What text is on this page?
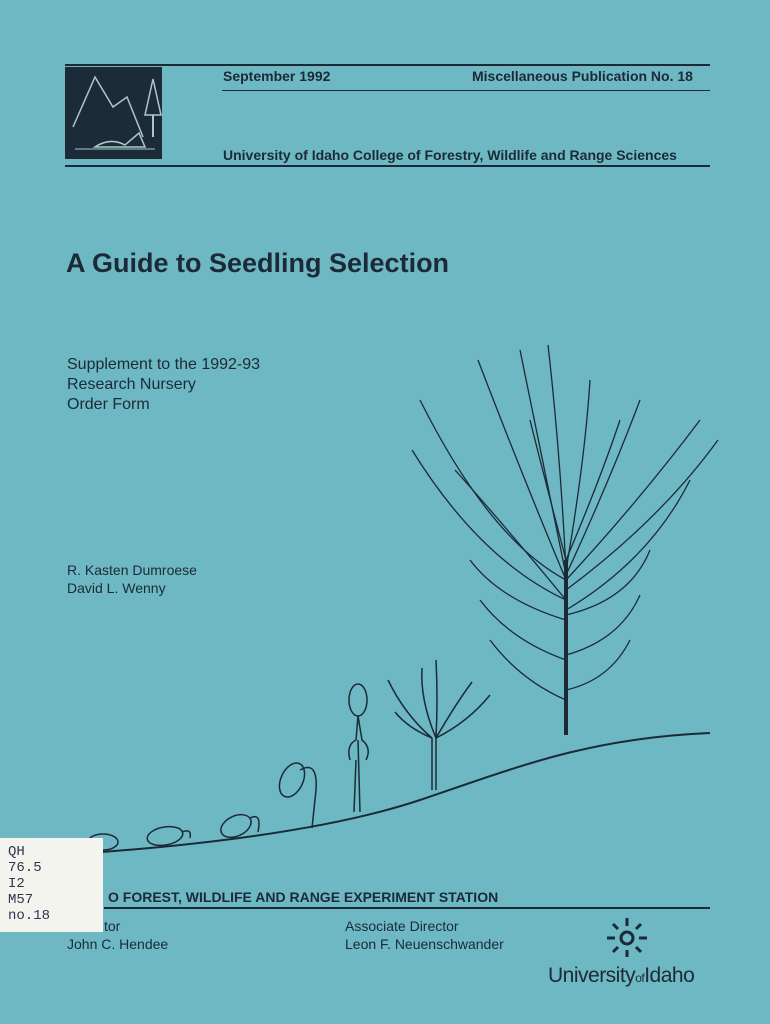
September 1992	Miscellaneous Publication No. 18
University of Idaho College of Forestry, Wildlife and Range Sciences
A Guide to Seedling Selection
Supplement to the 1992-93
Research Nursery
Order Form
R. Kasten Dumroese
David L. Wenny
O FOREST, WILDLIFE AND RANGE EXPERIMENT STATION
tor
John C. Hendee
Associate Director
Leon F. Neuenschwander
UniversityofIdaho
QH
76.5
I2
M57
no.18
